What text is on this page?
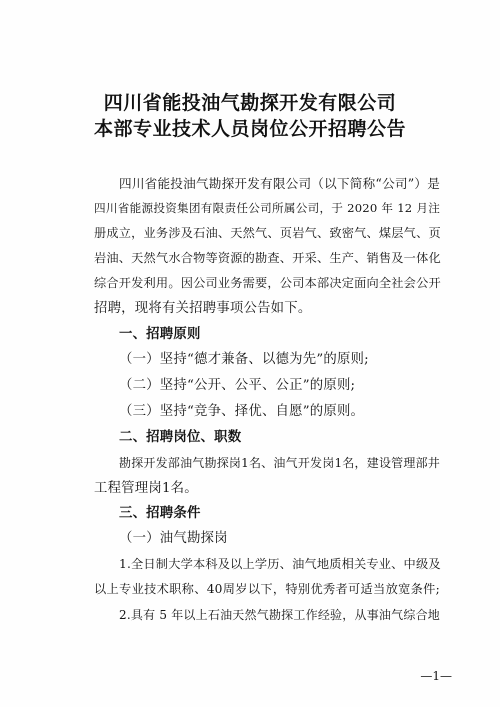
四川省能投油气勘探开发有限公司
本部专业技术人员岗位公开招聘公告
四川省能投油气勘探开发有限公司（以下简称“公司”）是
四川省能源投资集团有限责任公司所属公司，于 2020 年 12 月注
册成立，业务涉及石油、天然气、页岩气、致密气、煤层气、页
岩油、天然气水合物等资源的勘查、开采、生产、销售及一体化
综合开发利用。因公司业务需要，公司本部决定面向全社会公开
招聘，现将有关招聘事项公告如下。
一、招聘原则
（一）坚持“德才兼备、以德为先”的原则;
（二）坚持“公开、公平、公正”的原则;
（三）坚持“竞争、择优、自愿”的原则。
二、招聘岗位、职数
勘探开发部油气勘探岗1名、油气开发岗1名，建设管理部井
工程管理岗1名。
三、招聘条件
（一）油气勘探岗
1.全日制大学本科及以上学历、油气地质相关专业、中级及
以上专业技术职称、40周岁以下，特别优秀者可适当放宽条件;
2.具有 5 年以上石油天然气勘探工作经验，从事油气综合地
—1—
